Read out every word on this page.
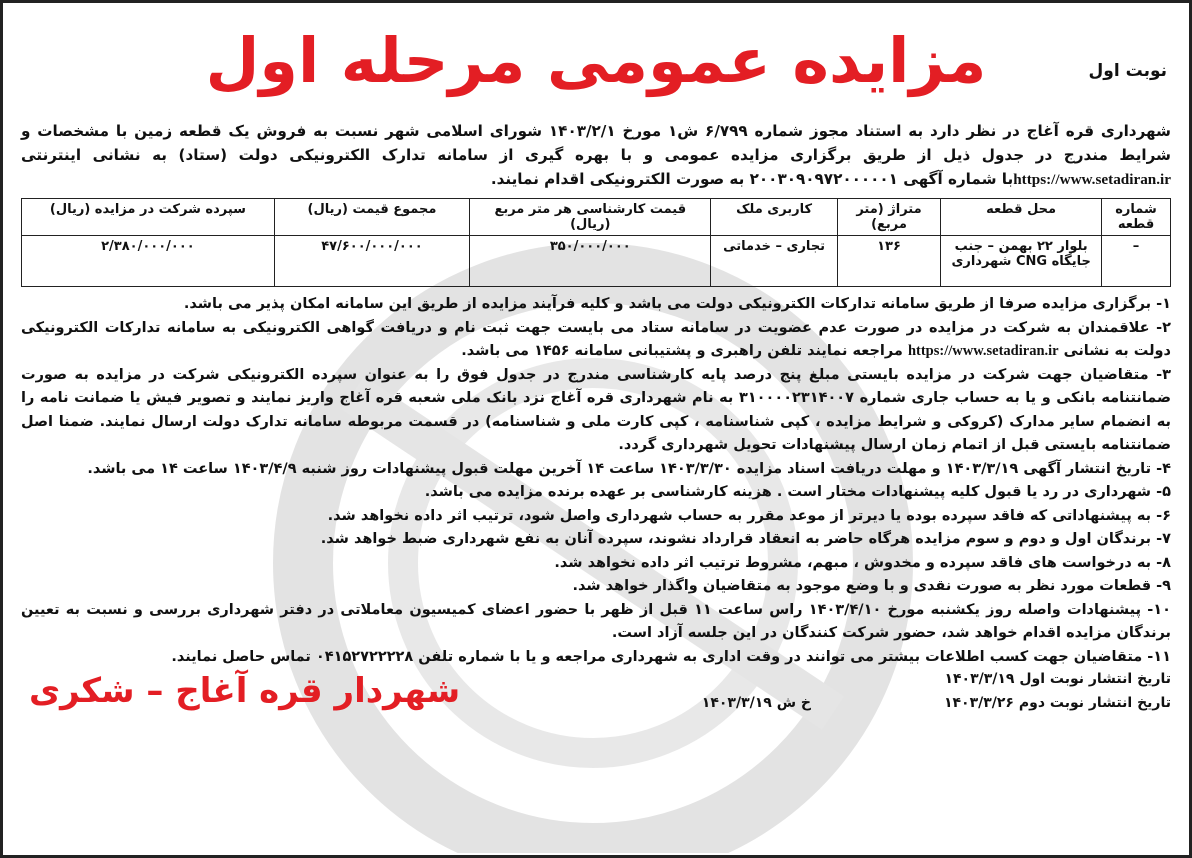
نوبت اول
مزایده عمومی مرحله اول
شهرداری قره آغاج در نظر دارد به استناد مجوز شماره ۶/۷۹۹ ش۱ مورخ ۱۴۰۳/۲/۱ شورای اسلامی شهر نسبت به فروش یک قطعه زمین با مشخصات و شرایط مندرج در جدول ذیل از طریق برگزاری مزایده عمومی و با بهره گیری از سامانه تدارک الکترونیکی دولت (ستاد) به نشانی اینترنتی https://www.setadiran.irبا شماره آگهی ۲۰۰۳۰۹۰۹۷۲۰۰۰۰۰۱ به صورت الکترونیکی اقدام نمایند.
شماره قطعه	محل قطعه	متراژ (متر مربع)	کاربری ملک	قیمت کارشناسی هر متر مربع (ریال)	مجموع قیمت (ریال)	سپرده شرکت در مزایده (ریال)
–	بلوار ۲۲ بهمن – جنب جایگاه CNG شهرداری	۱۳۶	تجاری – خدماتی	۳۵۰/۰۰۰/۰۰۰	۴۷/۶۰۰/۰۰۰/۰۰۰	۲/۳۸۰/۰۰۰/۰۰۰

۱- برگزاری مزایده صرفا از طریق سامانه تداركات الکترونیکی دولت می باشد و کلیه فرآیند مزایده از طریق این سامانه امکان پذیر می باشد.

۲- علاقمندان به شرکت در مزایده در صورت عدم عضویت در سامانه ستاد می بایست جهت ثبت نام و دریافت گواهی الکترونیکی به سامانه تداركات الکترونیکی دولت به نشانی https://www.setadiran.ir مراجعه نمایند تلفن راهبری و پشتیبانی سامانه ۱۴۵۶ می باشد.

۳- متقاضیان جهت شرکت در مزایده بایستی مبلغ پنج درصد پایه کارشناسی مندرج در جدول فوق را به عنوان سپرده الکترونیکی شرکت در مزایده به صورت ضمانتنامه بانکی و یا به حساب جاری شماره ۳۱۰۰۰۰۲۳۱۴۰۰۷ به نام شهرداری قره آغاج نزد بانک ملی شعبه قره آغاج واریز نمایند و تصویر فیش یا ضمانت نامه را به انضمام سایر مدارک (کروکی و شرایط مزایده ، کپی شناسنامه ، کپی کارت ملی و شناسنامه) در قسمت مربوطه سامانه تدارک دولت ارسال نمایند. ضمنا اصل ضمانتنامه بایستی قبل از اتمام زمان ارسال پیشنهادات تحویل شهرداری گردد.

۴- تاریخ انتشار آگهی ۱۴۰۳/۳/۱۹ و مهلت دریافت اسناد مزایده ۱۴۰۳/۳/۳۰ ساعت ۱۴ آخرین مهلت قبول پیشنهادات روز شنبه ۱۴۰۳/۴/۹ ساعت ۱۴ می باشد.

۵- شهرداری در رد یا قبول کلیه پیشنهادات مختار است . هزینه کارشناسی بر عهده برنده مزایده می باشد.

۶- به پیشنهاداتی که فاقد سپرده بوده یا دیرتر از موعد مقرر به حساب شهرداری واصل شود، ترتیب اثر داده نخواهد شد.

۷- برندگان اول و دوم و سوم مزایده هرگاه حاضر به انعقاد قرارداد نشوند، سپرده آنان به نفع شهرداری ضبط خواهد شد.

۸- به درخواست های فاقد سپرده و مخدوش ، مبهم، مشروط ترتیب اثر داده نخواهد شد.

۹- قطعات مورد نظر به صورت نقدی و با وضع موجود به متقاضیان واگذار خواهد شد.

۱۰- پیشنهادات واصله روز یکشنبه مورخ ۱۴۰۳/۴/۱۰ راس ساعت ۱۱ قبل از ظهر با حضور اعضای کمیسیون معاملاتی در دفتر شهرداری بررسی و نسبت به تعیین برندگان مزایده اقدام خواهد شد، حضور شرکت کنندگان در این جلسه آزاد است.

۱۱- متقاضیان جهت کسب اطلاعات بیشتر می توانند در وقت اداری به شهرداری مراجعه و یا با شماره تلفن ۰۴۱۵۲۷۲۲۲۲۸ تماس حاصل نمایند.

تاریخ انتشار نوبت اول ۱۴۰۳/۳/۱۹
تاریخ انتشار نوبت دوم ۱۴۰۳/۳/۲۶
خ ش ۱۴۰۳/۳/۱۹
شهردار قره آغاج – شکری
